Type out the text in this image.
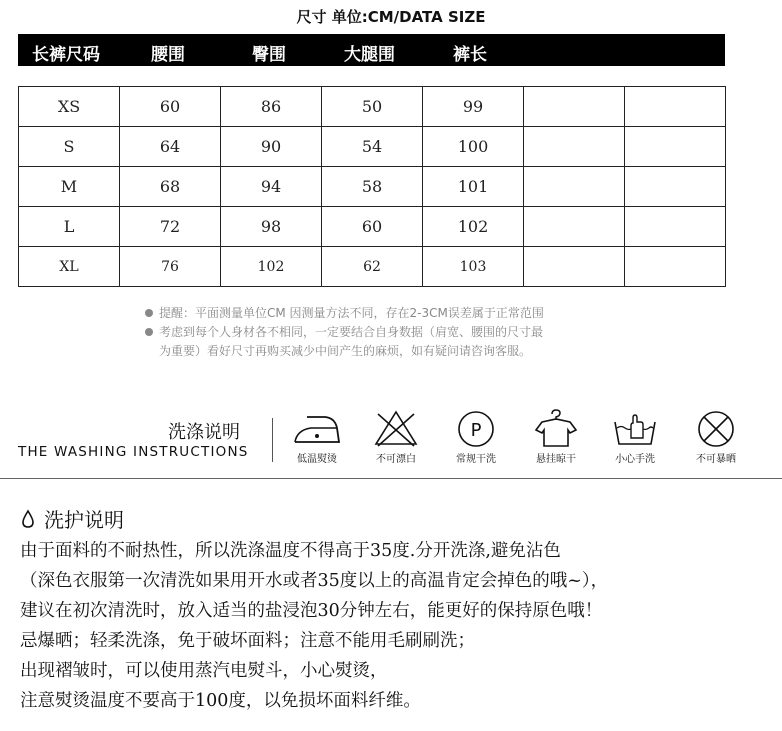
尺寸 单位:CM/DATA SIZE
长裤尺码	腰围	臀围	大腿围	裤长
XS	60	86	50	99		
S	64	90	54	100		
M	68	94	58	101		
L	72	98	60	102		
XL	76	102	62	103		
提醒：平面测量单位CM 因测量方法不同，存在2-3CM误差属于正常范围
考虑到每个人身材各不相同，一定要结合自身数据（肩宽、腰围的尺寸最
为重要）看好尺寸再购买减少中间产生的麻烦，如有疑问请咨询客服。
洗涤说明
THE WASHING INSTRUCTIONS	低温熨烫	不可漂白
P
常规干洗	悬挂晾干	小心手洗	不可暴晒
洗护说明
由于面料的不耐热性，所以洗涤温度不得高于35度.分开洗涤,避免沾色
（深色衣服第一次清洗如果用开水或者35度以上的高温肯定会掉色的哦~），
建议在初次清洗时，放入适当的盐浸泡30分钟左右，能更好的保持原色哦！
忌爆晒；轻柔洗涤，免于破坏面料；注意不能用毛刷刷洗；
出现褶皱时，可以使用蒸汽电熨斗，小心熨烫，
注意熨烫温度不要高于100度，以免损坏面料纤维。
